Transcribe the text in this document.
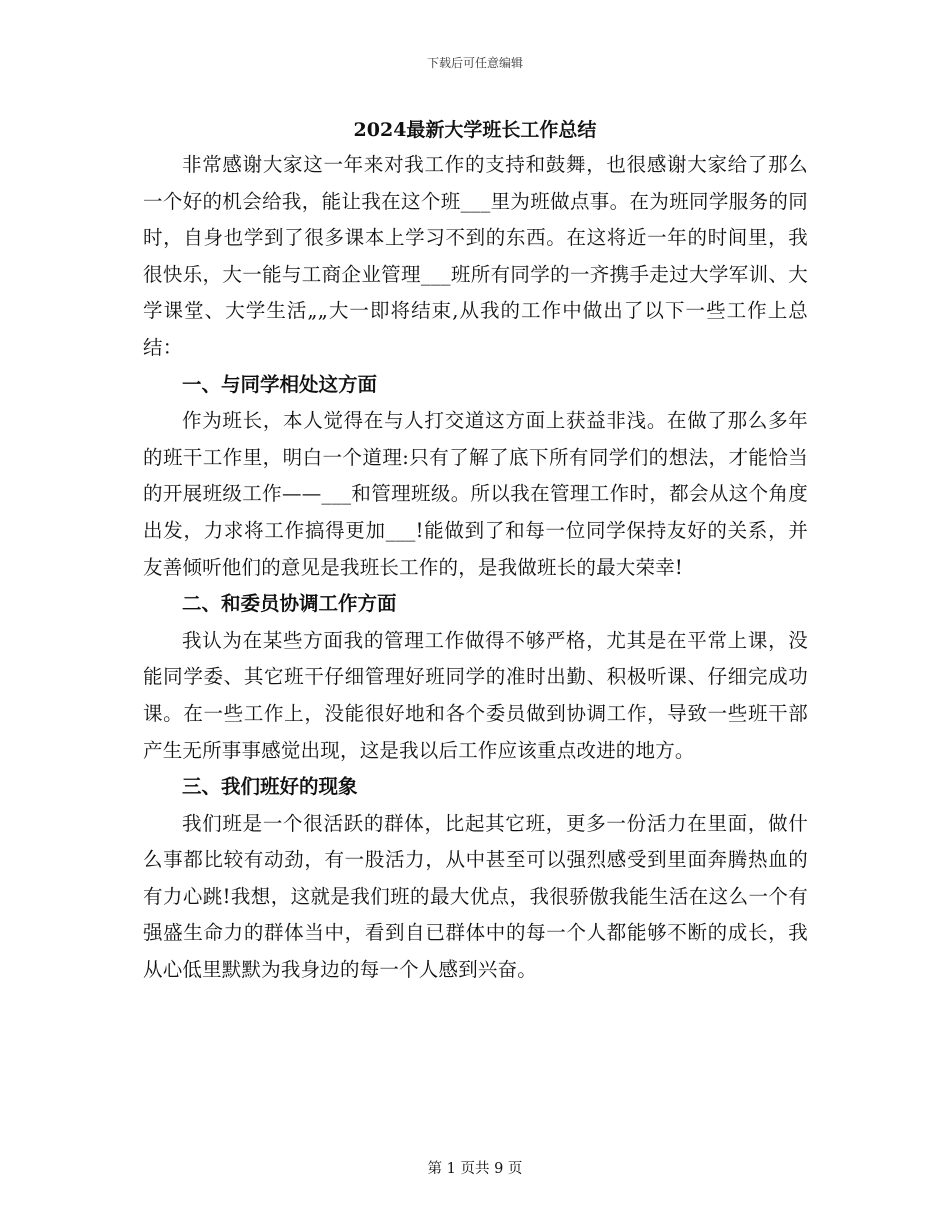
下载后可任意编辑
2024最新大学班长工作总结

非常感谢大家这一年来对我工作的支持和鼓舞，也很感谢大家给了那么一个好的机会给我，能让我在这个班___里为班做点事。在为班同学服务的同时，自身也学到了很多课本上学习不到的东西。在这将近一年的时间里，我很快乐，大一能与工商企业管理___班所有同学的一齐携手走过大学军训、大学课堂、大学生活„„大一即将结束,从我的工作中做出了以下一些工作上总结：

一、与同学相处这方面

作为班长，本人觉得在与人打交道这方面上获益非浅。在做了那么多年的班干工作里，明白一个道理:只有了解了底下所有同学们的想法，才能恰当的开展班级工作——___和管理班级。所以我在管理工作时，都会从这个角度出发，力求将工作搞得更加___!能做到了和每一位同学保持友好的关系，并友善倾听他们的意见是我班长工作的，是我做班长的最大荣幸!

二、和委员协调工作方面

我认为在某些方面我的管理工作做得不够严格，尤其是在平常上课，没能同学委、其它班干仔细管理好班同学的准时出勤、积极听课、仔细完成功课。在一些工作上，没能很好地和各个委员做到协调工作，导致一些班干部产生无所事事感觉出现，这是我以后工作应该重点改进的地方。

三、我们班好的现象

我们班是一个很活跃的群体，比起其它班，更多一份活力在里面，做什么事都比较有动劲，有一股活力，从中甚至可以强烈感受到里面奔腾热血的有力心跳!我想，这就是我们班的最大优点，我很骄傲我能生活在这么一个有强盛生命力的群体当中，看到自已群体中的每一个人都能够不断的成长，我从心低里默默为我身边的每一个人感到兴奋。

第 1 页共 9 页
